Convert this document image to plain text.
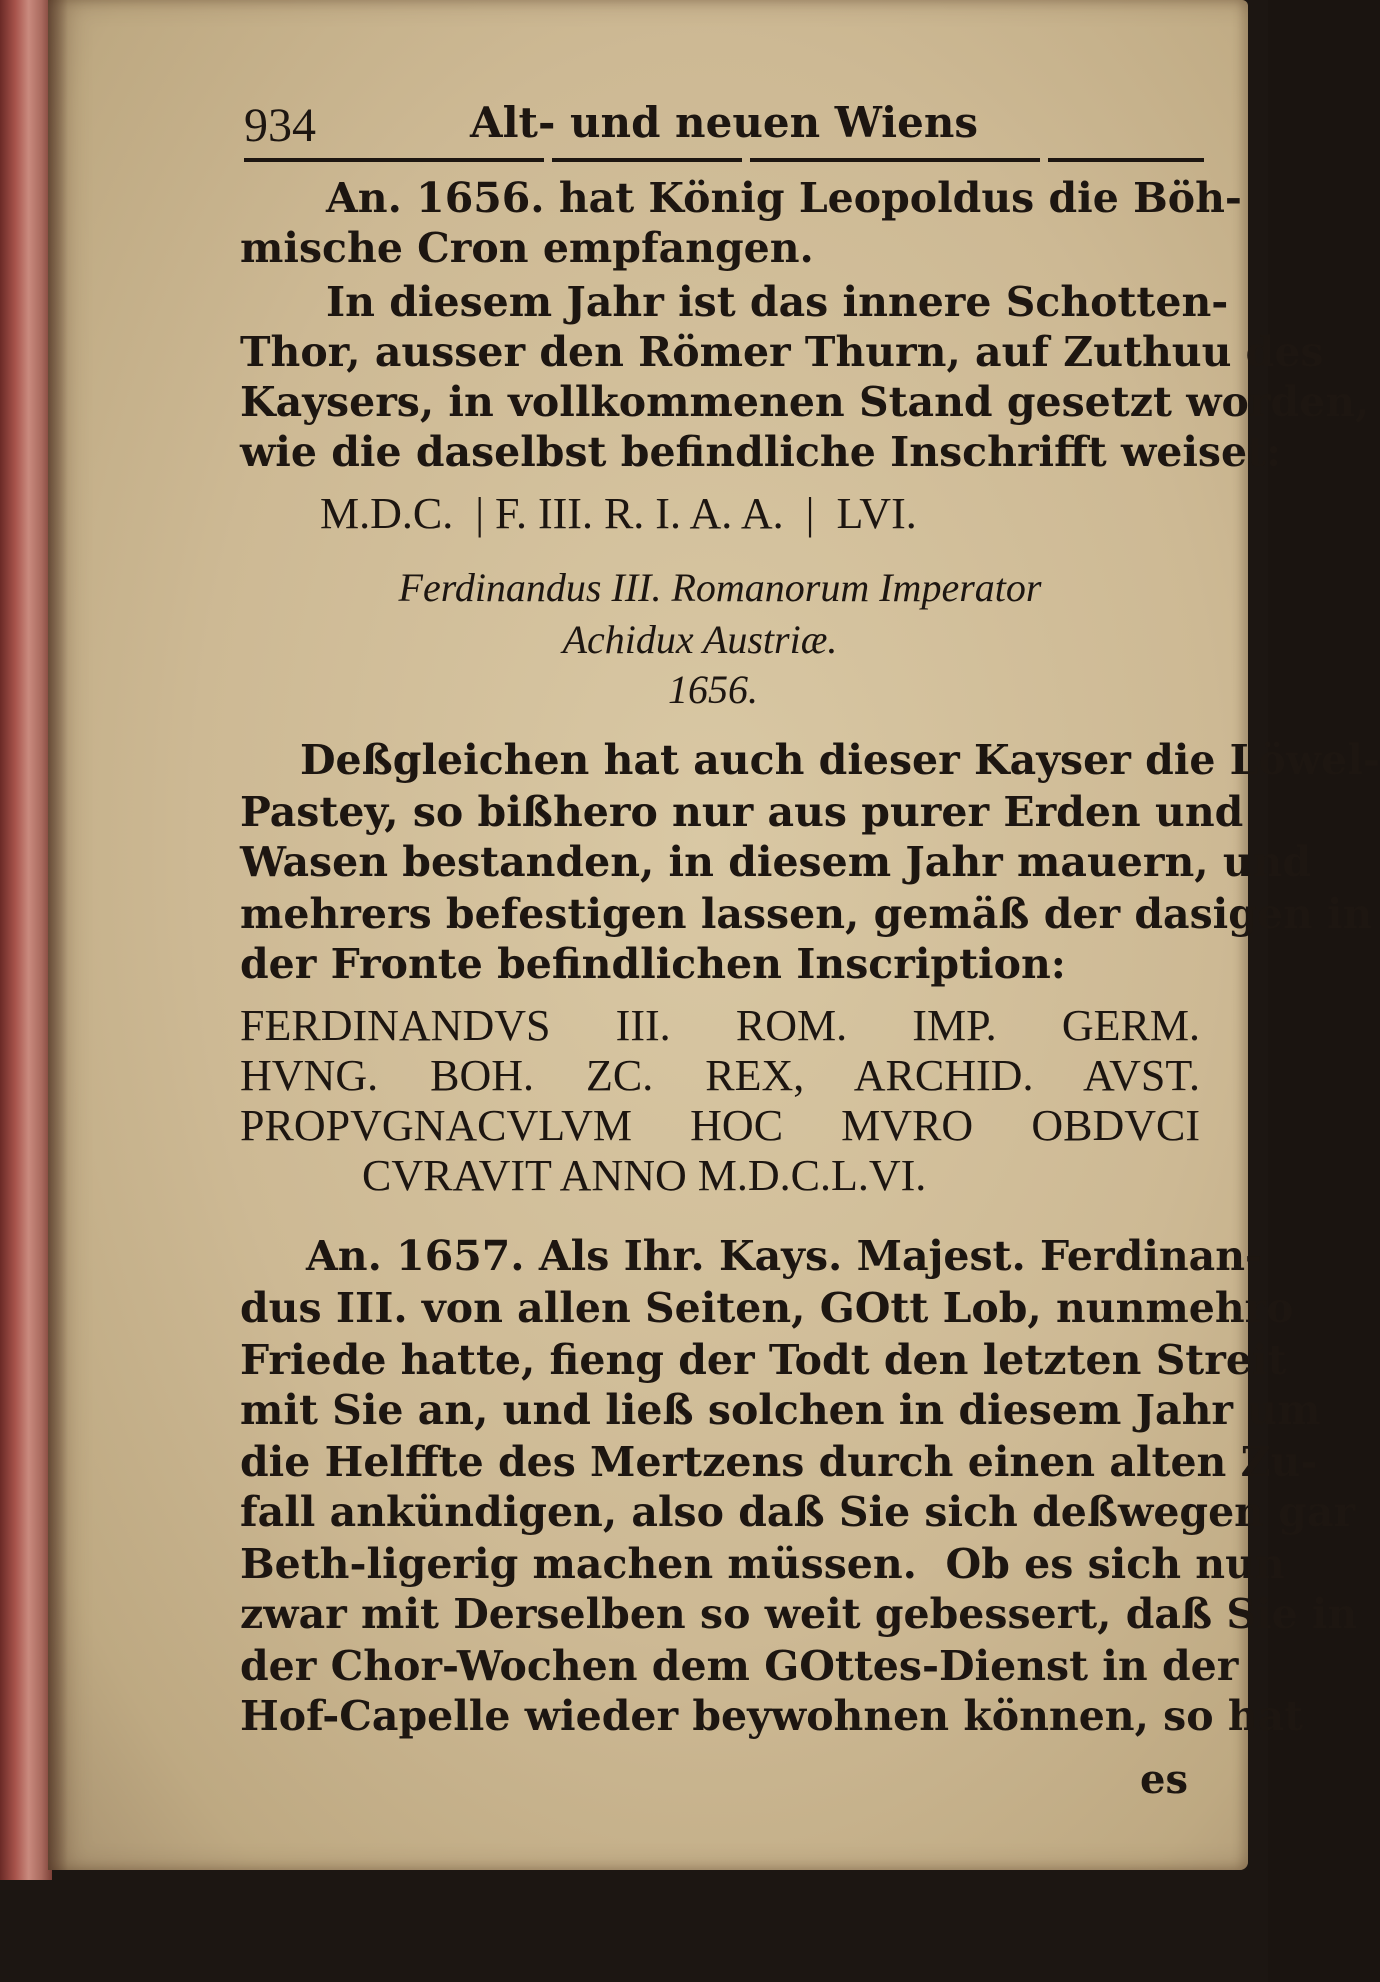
934	Alt- und neuen Wiens
An. 1656. hat König Leopoldus die Böh-
mische Cron empfangen.
In diesem Jahr ist das innere Schotten-
Thor, ausser den Römer Thurn, auf Zuthuu des
Kaysers, in vollkommenen Stand gesetzt worden,
wie die daselbst befindliche Inschrifft weiset:
M.D.C.  | F. III. R. I. A. A.  |  LVI.
Ferdinandus III. Romanorum Imperator
Achidux Austriæ.
1656.
Deßgleichen hat auch dieser Kayser die Löwel-
Pastey, so bißhero nur aus purer Erden und
Wasen bestanden, in diesem Jahr mauern, und
mehrers befestigen lassen, gemäß der dasigen in
der Fronte befindlichen Inscription:
FERDINANDVS III. ROM. IMP. GERM.
HVNG. BOH. ZC. REX, ARCHID. AVST.
PROPVGNACVLVM HOC MVRO OBDVCI
CVRAVIT ANNO M.D.C.L.VI.
An. 1657. Als Ihr. Kays. Majest. Ferdinan-
dus III. von allen Seiten, GOtt Lob, nunmehro
Friede hatte, fieng der Todt den letzten Streit
mit Sie an, und ließ solchen in diesem Jahr um
die Helffte des Mertzens durch einen alten Zu-
fall ankündigen, also daß Sie sich deßwegen gar
Beth-ligerig machen müssen.  Ob es sich nun
zwar mit Derselben so weit gebessert, daß Sie in
der Chor-Wochen dem GOttes-Dienst in der
Hof-Capelle wieder beywohnen können, so hat
es
